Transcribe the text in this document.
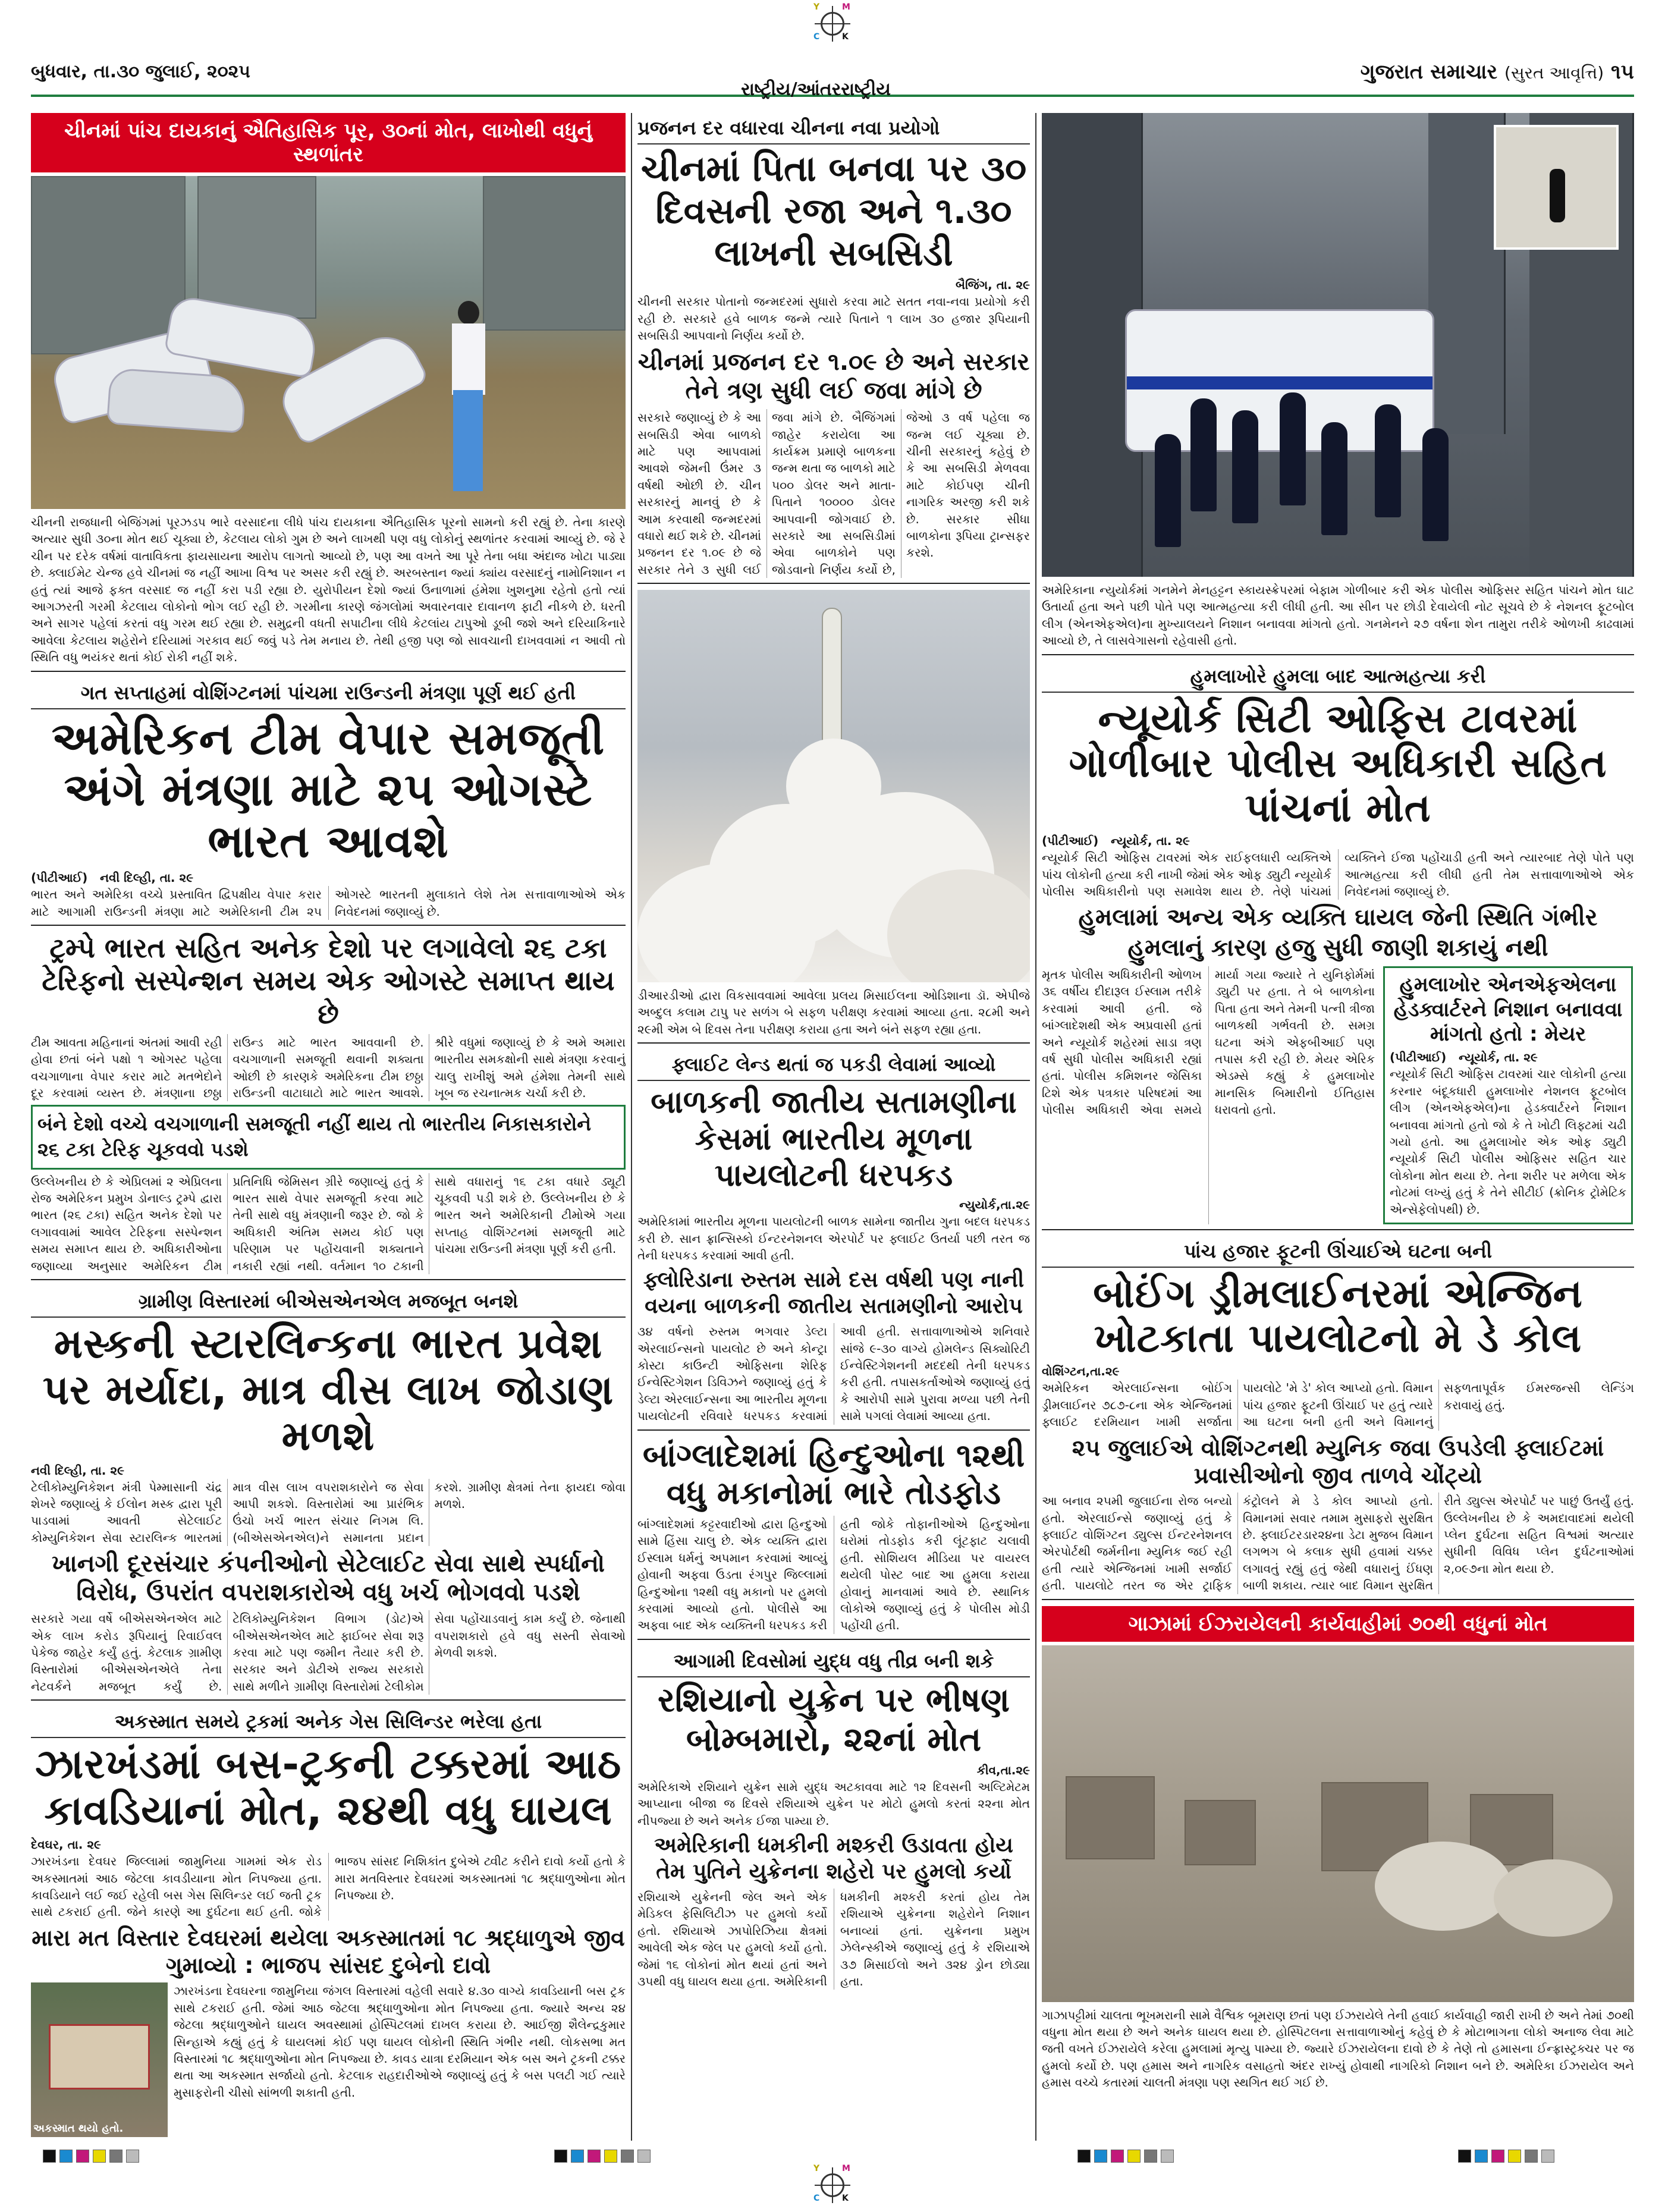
Y	M
C	K
Y	M
C	K
બુધવાર, તા.૩૦ જુલાઈ, ૨૦૨૫
રાષ્ટ્રીય/આંતરરાષ્ટ્રીય
ગુજરાત સમાચાર (સુરત આવૃત્તિ) ૧૫
ચીનમાં પાંચ દાયકાનું ઐતિહાસિક પૂર, ૩૦નાં મોત, લાખોથી વધુનું સ્થળાંતર
ચીનની રાજધાની બેજિંગમાં પૂરઝડપ ભારે વરસાદના લીધે પાંચ દાયકાના ઐતિહાસિક પૂરનો સામનો કરી રહ્યું છે. તેના કારણે અત્યાર સુધી ૩૦ના મોત થઈ ચૂક્યા છે, કેટલાય લોકો ગુમ છે અને લાખથી પણ વધુ લોકોનું સ્થળાંતર કરવામાં આવ્યું છે. જે રે ચીન પર દરેક વર્ષમાં વાતાવિકતા ફાયસાયના આરોપ લાગતો આવ્યો છે, પણ આ વખતે આ પૂરે તેના બધા અંદાજ ખોટા પાડ્યા છે. ક્લાઈમેટ ચેન્જ હવે ચીનમાં જ નહીં આખા વિશ્વ પર અસર કરી રહ્યું છે. અરબસ્તાન જ્યાં ક્યાંય વરસાદનું નામોનિશાન ન હતું ત્યાં આજે ફક્ત વરસાદ જ નહીં કરા પડી રહ્યા છે. યુરોપીયન દેશો જ્યાં ઉનાળામાં હંમેશા ખુશનુમા રહેતો હતો ત્યાં આગઝરતી ગરમી કેટલાય લોકોનો ભોગ લઈ રહી છે. ગરમીના કારણે જંગલોમાં અવારનવાર દાવાનળ ફાટી નીકળે છે. ધરતી અને સાગર પહેલાં કરતાં વધુ ગરમ થઈ રહ્યા છે. સમુદ્રની વધતી સપાટીના લીધે કેટલાંય ટાપુઓ ડૂબી જશે અને દરિયાકિનારે આવેલા કેટલાય શહેરોને દરિયામાં ગરકાવ થઈ જવું પડે તેમ મનાય છે. તેથી હજી પણ જો સાવચાની દાખવવામાં ન આવી તો સ્થિતિ વધુ ભયંકર થતાં કોઈ રોકી નહીં શકે.
ગત સપ્તાહમાં વોશિંગ્ટનમાં પાંચમા રાઉન્ડની મંત્રણા પૂર્ણ થઈ હતી
અમેરિકન ટીમ વેપાર સમજૂતી અંગે મંત્રણા માટે ૨૫ ઓગસ્ટે ભારત આવશે
(પીટીઆઈ) નવી દિલ્હી, તા. ૨૯
ભારત અને અમેરિકા વચ્ચે પ્રસ્તાવિત દ્વિપક્ષીય વેપાર કરાર માટે આગામી રાઉન્ડની મંત્રણા માટે અમેરિકાની ટીમ ૨૫ ઓગસ્ટે ભારતની મુલાકાતે લેશે તેમ સત્તાવાળાઓએ એક નિવેદનમાં જણાવ્યું છે.
ટ્રમ્પે ભારત સહિત અનેક દેશો પર લગાવેલો ૨૬ ટકા ટેરિફનો સસ્પેન્શન સમય એક ઓગસ્ટે સમાપ્ત થાય છે
ટીમ આવતા મહિનાનાં અંતમાં આવી રહી હોવા છતાં બંને પક્ષો ૧ ઓગસ્ટ પહેલા વચગાળાના વેપાર કરાર માટે મતભેદોને દૂર કરવામાં વ્યસ્ત છે. મંત્રણાના છઠ્ઠા રાઉન્ડ માટે ભારત આવવાની છે. વચગાળાની સમજૂતી થવાની શક્યતા ઓછી છે કારણકે અમેરિકના ટીમ છઠ્ઠા રાઉન્ડની વાટાઘાટો માટે ભારત આવશે. શ્રીરે વધુમાં જણાવ્યું છે કે અમે અમારા ભારતીય સમકક્ષોની સાથે મંત્રણા કરવાનું ચાલુ રાખીશું અમે હંમેશા તેમની સાથે ખૂબ જ રચનાત્મક ચર્ચા કરી છે.
બંને દેશો વચ્ચે વચગાળાની સમજૂતી નહીં થાય તો ભારતીય નિકાસકારોને ૨૬ ટકા ટેરિફ ચૂકવવો પડશે
ઉલ્લેખનીય છે કે એપ્રિલમાં ૨ એપ્રિલના રોજ અમેરિકન પ્રમુખ ડોનાલ્ડ ટ્રમ્પે દ્વારા ભારત (૨૬ ટકા) સહિત અનેક દેશો પર લગાવવામાં આવેલ ટેરિફના સસ્પેન્શન સમય સમાપ્ત થાય છે. અધિકારીઓના જણાવ્યા અનુસાર અમેરિકન ટીમ પ્રતિનિધિ જેમિસન ગ્રીરે જણાવ્યું હતું કે ભારત સાથે વેપાર સમજૂતી કરવા માટે તેની સાથે વધુ મંત્રણાની જરૂર છે. જો કે અધિકારી અંતિમ સમય કોઈ પણ પરિણામ પર પહોંચવાની શક્યતાને નકારી રહ્યાં નથી. વર્તમાન ૧૦ ટકાની સાથે વધારાનું ૧૬ ટકા વધારે ડ્યૂટી ચૂકવવી પડી શકે છે. ઉલ્લેખનીય છે કે ભારત અને અમેરિકાની ટીમોએ ગયા સપ્તાહ વોશિંગ્ટનમાં સમજૂતી માટે પાંચમા રાઉન્ડની મંત્રણા પૂર્ણ કરી હતી.
ગ્રામીણ વિસ્તારમાં બીએસએનએલ મજબૂત બનશે
મસ્કની સ્ટારલિન્કના ભારત પ્રવેશ પર મર્યાદા, માત્ર વીસ લાખ જોડાણ મળશે
નવી દિલ્હી, તા. ૨૯
ટેલીકોમ્યુનિકેશન મંત્રી પેમ્માસાની ચંદ્ર શેખરે જણાવ્યું કે ઈલોન મસ્ક દ્વારા પૂરી પાડવામાં આવતી સેટેલાઈટ કોમ્યુનિકેશન સેવા સ્ટારલિન્ક ભારતમાં માત્ર વીસ લાખ વપરાશકારોને જ સેવા આપી શકશે. વિસ્તારોમાં આ પ્રારંભિક ઉંચો ખર્ચ ભારત સંચાર નિગમ લિ. (બીએસએનએલ)ને સમાનતા પ્રદાન કરશે. ગ્રામીણ ક્ષેત્રમાં તેના ફાયદા જોવા મળશે.
ખાનગી દૂરસંચાર કંપનીઓનો સેટેલાઈટ સેવા સાથે સ્પર્ધાનો વિરોધ, ઉપરાંત વપરાશકારોએ વધુ ખર્ચ ભોગવવો પડશે
સરકારે ગયા વર્ષે બીએસએનએલ માટે એક લાખ કરોડ રૂપિયાનું રિવાઈવલ પેકેજ જાહેર કર્યું હતું. કેટલાક ગ્રામીણ વિસ્તારોમાં બીએસએનએલે તેના નેટવર્કને મજબૂત કર્યું છે. ટેલિકોમ્યુનિકેશન વિભાગ (ડોટ)એ બીએસએનએલ માટે ફાઈબર સેવા શરૂ કરવા માટે પણ જમીન તૈયાર કરી છે. સરકાર અને ડોટીએ રાજ્ય સરકારો સાથે મળીને ગ્રામીણ વિસ્તારોમાં ટેલીકોમ સેવા પહોંચાડવાનું કામ કર્યું છે. જેનાથી વપરાશકારો હવે વધુ સસ્તી સેવાઓ મેળવી શકશે.
અકસ્માત સમયે ટ્રકમાં અનેક ગેસ સિલિન્ડર ભરેલા હતા
ઝારખંડમાં બસ-ટ્રકની ટક્કરમાં આઠ કાવડિયાનાં મોત, ૨૪થી વધુ ઘાયલ
દેવઘર, તા. ૨૯
ઝારખંડના દેવઘર જિલ્લામાં જામુનિયા ગામમાં એક રોડ અકસ્માતમાં આઠ જેટલા કાવડીયાના મોત નિપજ્યા હતા. કાવડિયાને લઈ જઈ રહેલી બસ ગેસ સિલિન્ડર લઈ જતી ટ્રક સાથે ટકરાઈ હતી. જેને કારણે આ દુર્ઘટના થઈ હતી. જોકે ભાજપ સાંસદ નિશિકાંત દુબેએ ટ્વીટ કરીને દાવો કર્યો હતો કે મારા મતવિસ્તાર દેવઘરમાં અકસ્માતમાં ૧૮ શ્રદ્ધાળુઓના મોત નિપજ્યા છે.
મારા મત વિસ્તાર દેવઘરમાં થયેલા અકસ્માતમાં ૧૮ શ્રદ્ધાળુએ જીવ ગુમાવ્યો : ભાજપ સાંસદ દુબેનો દાવો
અકસ્માત થયો હતો.
ઝારખંડના દેવઘરના જામુનિયા જંગલ વિસ્તારમાં વહેલી સવારે ૪.૩૦ વાગ્યે કાવડિયાની બસ ટ્રક સાથે ટકરાઈ હતી. જેમાં આઠ જેટલા શ્રદ્ધાળુઓના મોત નિપજ્યા હતા. જ્યારે અન્ય ૨૪ જેટલા શ્રદ્ધાળુઓને ઘાયલ અવસ્થામાં હોસ્પિટલમાં દાખલ કરાયા છે. આઈજી શૈલેન્દ્રકુમાર સિન્હાએ કહ્યું હતું કે ઘાયલમાં કોઈ પણ ઘાયલ લોકોની સ્થિતિ ગંભીર નથી. લોકસભા મત વિસ્તારમાં ૧૮ શ્રદ્ધાળુઓના મોત નિપજ્યા છે. કાવડ યાત્રા દરમિયાન એક બસ અને ટ્રકની ટક્કર થતા આ અકસ્માત સર્જાયો હતો. કેટલાક રાહદારીઓએ જણાવ્યું હતું કે બસ પલટી ગઈ ત્યારે મુસાફરોની ચીસો સાંભળી શકાતી હતી.
પ્રજનન દર વધારવા ચીનના નવા પ્રયોગો
ચીનમાં પિતા બનવા પર ૩૦ દિવસની રજા અને ૧.૩૦ લાખની સબસિડી
બૈજિંગ, તા. ૨૯
ચીનની સરકાર પોતાનો જન્મદરમાં સુધારો કરવા માટે સતત નવા-નવા પ્રયોગો કરી રહી છે. સરકારે હવે બાળક જન્મે ત્યારે પિતાને ૧ લાખ ૩૦ હજાર રૂપિયાની સબસિડી આપવાનો નિર્ણય કર્યો છે.
ચીનમાં પ્રજનન દર ૧.૦૯ છે અને સરકાર તેને ત્રણ સુધી લઈ જવા માંગે છે
સરકારે જણાવ્યું છે કે આ સબસિડી એવા બાળકો માટે પણ આપવામાં આવશે જેમની ઉંમર ૩ વર્ષથી ઓછી છે. ચીન સરકારનું માનવું છે કે આમ કરવાથી જન્મદરમાં વધારો થઈ શકે છે. ચીનમાં પ્રજનન દર ૧.૦૯ છે જે સરકાર તેને ૩ સુધી લઈ જવા માંગે છે. બૈજિંગમાં જાહેર કરાયેલા આ કાર્યક્રમ પ્રમાણે બાળકના જન્મ થતા જ બાળકો માટે ૫૦૦ ડોલર અને માતા-પિતાને ૧૦૦૦૦ ડોલર આપવાની જોગવાઈ છે. સરકારે આ સબસિડીમાં એવા બાળકોને પણ જોડવાનો નિર્ણય કર્યો છે, જેઓ ૩ વર્ષ પહેલા જ જન્મ લઈ ચૂક્યા છે. ચીની સરકારનું કહેવું છે કે આ સબસિડી મેળવવા માટે કોઈપણ ચીની નાગરિક અરજી કરી શકે છે. સરકાર સીધા બાળકોના રૂપિયા ટ્રાન્સફર કરશે.
ડીઆરડીઓ દ્વારા વિકસાવવામાં આવેલા પ્રલય મિસાઈલના ઓડિશાના ડૉ. એપીજે અબ્દુલ કલામ ટાપુ પર સળંગ બે સફળ પરીક્ષણ કરવામાં આવ્યા હતા. ૨૮મી અને ૨૯મી એમ બે દિવસ તેના પરીક્ષણ કરાયા હતા અને બંને સફળ રહ્યા હતા.
ફ્લાઈટ લેન્ડ થતાં જ પકડી લેવામાં આવ્યો
બાળકની જાતીય સતામણીના કેસમાં ભારતીય મૂળના પાયલોટની ધરપકડ
ન્યુયોર્ક,તા.૨૯
અમેરિકામાં ભારતીય મૂળના પાયલોટની બાળક સામેના જાતીય ગુના બદલ ધરપકડ કરી છે. સાન ફ્રાન્સિસ્કો ઈન્ટરનેશનલ એરપોર્ટ પર ફ્લાઈટ ઉતર્યા પછી તરત જ તેની ધરપકડ કરવામાં આવી હતી.
ફ્લોરિડાના રુસ્તમ સામે દસ વર્ષથી પણ નાની વયના બાળકની જાતીય સતામણીનો આરોપ
૩૪ વર્ષનો રુસ્તમ ભગવાર ડેલ્ટા એરલાઈન્સનો પાયલોટ છે અને કોન્ટ્રા કોસ્ટા કાઉન્ટી ઓફિસના શેરિફ ઈન્વેસ્ટિગેશન ડિવિઝને જણાવ્યું હતું કે ડેલ્ટા એરલાઈન્સના આ ભારતીય મૂળના પાયલોટની રવિવારે ધરપકડ કરવામાં આવી હતી. સત્તાવાળાઓએ શનિવારે સાંજે ૯-૩૦ વાગ્યે હોમલેન્ડ સિક્યોરિટી ઈન્વેસ્ટિગેશનની મદદથી તેની ધરપકડ કરી હતી. તપાસકર્તાઓએ જણાવ્યું હતું કે આરોપી સામે પુરાવા મળ્યા પછી તેની સામે પગલાં લેવામાં આવ્યા હતા.
બાંગ્લાદેશમાં હિન્દુઓના ૧૨થી વધુ મકાનોમાં ભારે તોડફોડ
બાંગ્લાદેશમાં કટ્ટરવાદીઓ દ્વારા હિન્દુઓ સામે હિંસા ચાલુ છે. એક વ્યક્તિ દ્વારા ઈસ્લામ ધર્મનું અપમાન કરવામાં આવ્યું હોવાની અફવા ઉડતા રંગપુર જિલ્લામાં હિન્દુઓના ૧૨થી વધુ મકાનો પર હુમલો કરવામાં આવ્યો હતો. પોલીસે આ અફવા બાદ એક વ્યક્તિની ધરપકડ કરી હતી જોકે તોફાનીઓએ હિન્દુઓના ઘરોમાં તોડફોડ કરી લૂંટફાટ ચલાવી હતી. સોશિયલ મીડિયા પર વાયરલ થયેલી પોસ્ટ બાદ આ હુમલા કરાયા હોવાનું માનવામાં આવે છે. સ્થાનિક લોકોએ જણાવ્યું હતું કે પોલીસ મોડી પહોંચી હતી.
આગામી દિવસોમાં યુદ્ધ વધુ તીવ્ર બની શકે
રશિયાનો યુક્રેન પર ભીષણ બોમ્બમારો, ૨૨નાં મોત
કીવ,તા.૨૯
અમેરિકાએ રશિયાને યુક્રેન સામે યુદ્ધ અટકાવવા માટે ૧૨ દિવસની અલ્ટિમેટમ આપ્યાના બીજા જ દિવસે રશિયાએ યુક્રેન પર મોટો હુમલો કરતાં ૨૨ના મોત નીપજ્યા છે અને અનેક ઈજા પામ્યા છે.
અમેરિકાની ધમકીની મશ્કરી ઉડાવતા હોય તેમ પુતિને યુક્રેનના શહેરો પર હુમલો કર્યો
રશિયાએ યુક્રેનની જેલ અને એક મેડિકલ ફેસિલિટીઝ પર હુમલો કર્યો હતો. રશિયાએ ઝાપોરિઝિયા ક્ષેત્રમાં આવેલી એક જેલ પર હુમલો કર્યો હતો. જેમાં ૧૬ લોકોનાં મોત થયાં હતાં અને ૩૫થી વધુ ઘાયલ થયા હતા. અમેરિકાની ધમકીની મશ્કરી કરતાં હોય તેમ રશિયાએ યુક્રેનના શહેરોને નિશાન બનાવ્યાં હતાં. યુક્રેનના પ્રમુખ ઝેલેન્સ્કીએ જણાવ્યું હતું કે રશિયાએ ૩૭ મિસાઈલો અને ૩૨૪ ડ્રોન છોડ્યા હતા.
અમેરિકાના ન્યુયોર્કમાં ગનમેને મેનહટ્ટન સ્કાયસ્ક્રેપરમાં બેફામ ગોળીબાર કરી એક પોલીસ ઓફિસર સહિત પાંચને મોત ઘાટ ઉતાર્યા હતા અને પછી પોતે પણ આત્મહત્યા કરી લીધી હતી. આ સીન પર છોડી દેવાયેલી નોટ સૂચવે છે કે નેશનલ ફૂટબોલ લીગ (એનએફએલ)ના મુખ્યાલયને નિશાન બનાવવા માંગતો હતો. ગનમેનને ૨૭ વર્ષના શેન તામુરા તરીકે ઓળખી કાઢવામાં આવ્યો છે, તે લાસવેગાસનો રહેવાસી હતો.
હુમલાખોરે હુમલા બાદ આત્મહત્યા કરી
ન્યૂયોર્ક સિટી ઓફિસ ટાવરમાં ગોળીબાર પોલીસ અધિકારી સહિત પાંચનાં મોત
(પીટીઆઈ) ન્યૂયોર્ક, તા. ૨૯
ન્યૂયોર્ક સિટી ઓફિસ ટાવરમાં એક રાઈફલધારી વ્યક્તિએ પાંચ લોકોની હત્યા કરી નાખી જેમાં એક ઓફ ડ્યુટી ન્યૂયોર્ક પોલીસ અધિકારીનો પણ સમાવેશ થાય છે. તેણે પાંચમાં વ્યક્તિને ઈજા પહોંચાડી હતી અને ત્યારબાદ તેણે પોતે પણ આત્મહત્યા કરી લીધી હતી તેમ સત્તાવાળાઓએ એક નિવેદનમાં જણાવ્યું છે.
હુમલામાં અન્ય એક વ્યક્તિ ઘાયલ જેની સ્થિતિ ગંભીર
હુમલાનું કારણ હજુ સુધી જાણી શકાયું નથી
મૃતક પોલીસ અધિકારીની ઓળખ ૩૬ વર્ષીય દીદારૂલ ઈસ્લામ તરીકે કરવામાં આવી હતી. જે બાંગ્લાદેશથી એક અપ્રવાસી હતાં અને ન્યૂયોર્ક શહેરમાં સાડા ત્રણ વર્ષ સુધી પોલીસ અધિકારી રહ્યાં હતાં. પોલીસ કમિશનર જેસિકા ટિશે એક પત્રકાર પરિષદમાં આ પોલીસ અધિકારી એવા સમયે માર્યા ગયા જ્યારે તે યુનિફોર્મમાં ડ્યુટી પર હતા. તે બે બાળકોના પિતા હતા અને તેમની પત્ની ત્રીજા બાળકથી ગર્ભવતી છે. સમગ્ર ઘટના અંગે એફબીઆઈ પણ તપાસ કરી રહી છે. મેયર એરિક એડમ્સે કહ્યું કે હુમલાખોર માનસિક બિમારીનો ઈતિહાસ ધરાવતો હતો.
હુમલાખોર એનએફએલના હેડક્વાર્ટરને નિશાન બનાવવા માંગતો હતો : મેયર
(પીટીઆઈ) ન્યૂયોર્ક, તા. ૨૯
ન્યૂયોર્ક સિટી ઓફિસ ટાવરમાં ચાર લોકોની હત્યા કરનાર બંદૂકધારી હુમલાખોર નેશનલ ફૂટબોલ લીગ (એનએફએલ)ના હેડક્વાર્ટરને નિશાન બનાવવા માંગતો હતો જો કે તે ખોટી લિફ્ટમાં ચઢી ગયો હતો. આ હુમલાખોર એક ઓફ ડ્યુટી ન્યૂયોર્ક સિટી પોલીસ ઓફિસર સહિત ચાર લોકોના મોત થયા છે. તેના શરીર પર મળેલા એક નોટમાં લખ્યું હતું કે તેને સીટીઈ (ક્રોનિક ટ્રોમેટિક એન્સેફેલોપથી) છે.
પાંચ હજાર ફૂટની ઊંચાઈએ ઘટના બની
બોઈંગ ડ્રીમલાઈનરમાં એન્જિન ખોટકાતા પાયલોટનો મે ડે કોલ
વોશિંગ્ટન,તા.૨૯
અમેરિકન એરલાઈન્સના બોઈંગ ડ્રીમલાઈનર ૭૮૭-૮ના એક એન્જિનમાં ફ્લાઈટ દરમિયાન ખામી સર્જાતા પાયલોટે 'મે ડે' કોલ આપ્યો હતો. વિમાન પાંચ હજાર ફૂટની ઊંચાઈ પર હતું ત્યારે આ ઘટના બની હતી અને વિમાનનું સફળતાપૂર્વક ઈમરજન્સી લેન્ડિંગ કરાવાયું હતું.
૨૫ જુલાઈએ વોશિંગ્ટનથી મ્યુનિક જવા ઉપડેલી ફ્લાઈટમાં પ્રવાસીઓનો જીવ તાળવે ચોંટ્યો
આ બનાવ ૨૫મી જુલાઈના રોજ બન્યો હતો. એરલાઈન્સે જણાવ્યું હતું કે ફ્લાઈટ વોશિંગ્ટન ડ્યુલ્સ ઈન્ટરનેશનલ એરપોર્ટથી જર્મનીના મ્યુનિક જઈ રહી હતી ત્યારે એન્જિનમાં ખામી સર્જાઈ હતી. પાયલોટે તરત જ એર ટ્રાફિક કંટ્રોલને મે ડે કોલ આપ્યો હતો. વિમાનમાં સવાર તમામ મુસાફરો સુરક્ષિત છે. ફ્લાઈટરડાર૨૪ના ડેટા મુજબ વિમાન લગભગ બે કલાક સુધી હવામાં ચક્કર લગાવતું રહ્યું હતું જેથી વધારાનું ઈંધણ બાળી શકાય. ત્યાર બાદ વિમાન સુરક્ષિત રીતે ડ્યુલ્સ એરપોર્ટ પર પાછું ઉતર્યું હતું. ઉલ્લેખનીય છે કે અમદાવાદમાં થયેલી પ્લેન દુર્ઘટના સહિત વિશ્વમાં અત્યાર સુધીની વિવિધ પ્લેન દુર્ઘટનાઓમાં ૨,૦૯૭ના મોત થયા છે.
ગાઝામાં ઈઝરાયેલની કાર્યવાહીમાં ૭૦થી વધુનાં મોત
ગાઝાપટ્ટીમાં ચાલતા ભૂખમરાની સામે વૈશ્વિક બૂમરાણ છતાં પણ ઈઝરાયેલે તેની હવાઈ કાર્યવાહી જારી રાખી છે અને તેમાં ૭૦થી વધુના મોત થયા છે અને અનેક ઘાયલ થયા છે. હોસ્પિટલના સત્તાવાળાઓનું કહેવું છે કે મોટાભાગના લોકો અનાજ લેવા માટે જતી વખતે ઈઝરાયેલે કરેલા હુમલામાં મૃત્યુ પામ્યા છે. જ્યારે ઈઝરાયેલના દાવો છે કે તેણે તો હમાસના ઈન્ફ્રાસ્ટ્રક્ચર પર જ હુમલો કર્યો છે. પણ હમાસ અને નાગરિક વસાહતો અંદર રાખ્યું હોવાથી નાગરિકો નિશાન બને છે. અમેરિકા ઈઝરાયેલ અને હમાસ વચ્ચે કતારમાં ચાલતી મંત્રણા પણ સ્થગિત થઈ ગઈ છે.
